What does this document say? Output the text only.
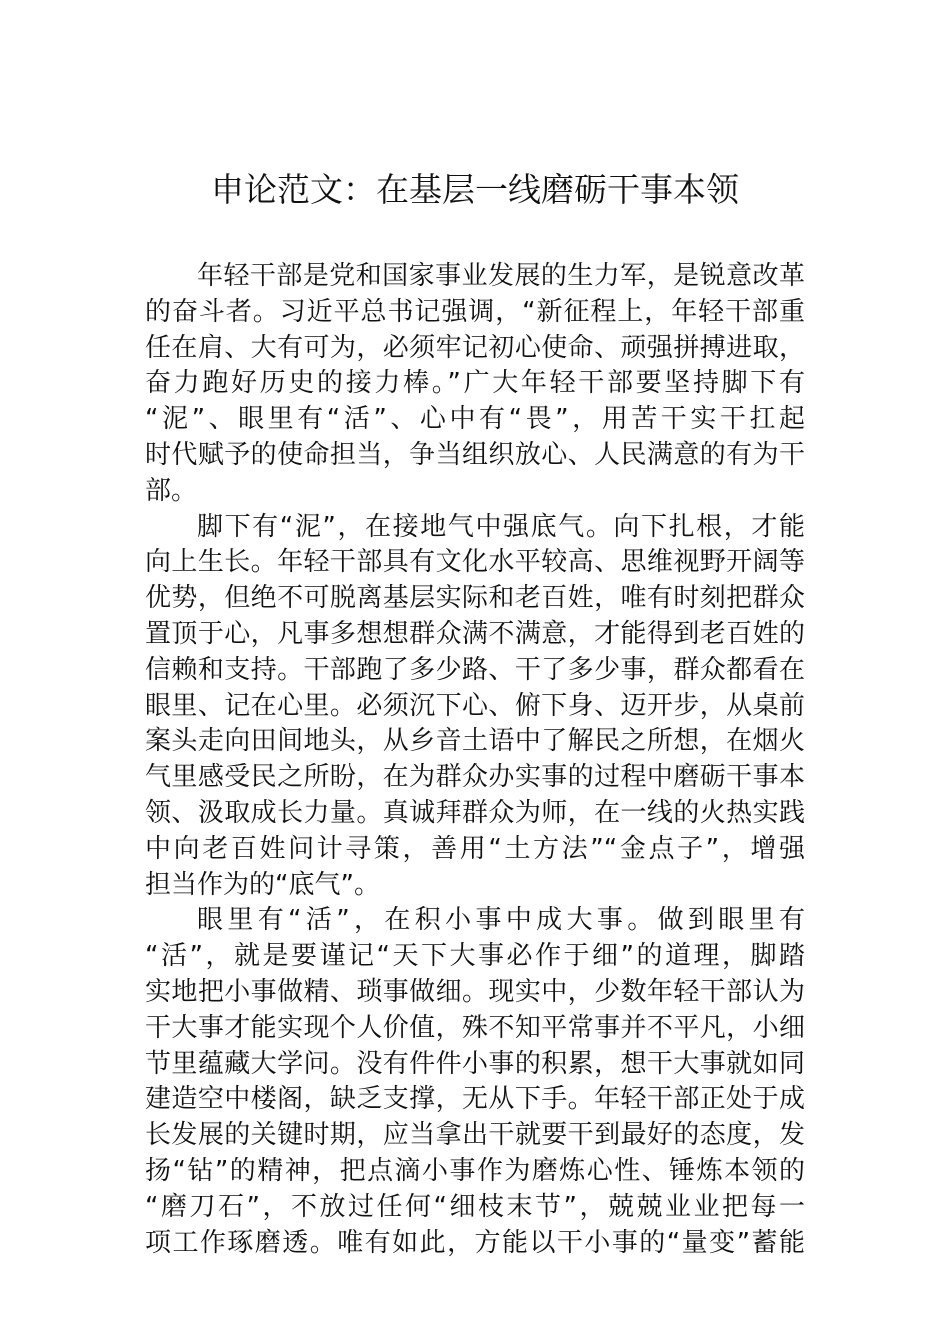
申论范文：在基层一线磨砺干事本领
年轻干部是党和国家事业发展的生力军，是锐意改革
的奋斗者。习近平总书记强调，“新征程上，年轻干部重
任在肩、大有可为，必须牢记初心使命、顽强拼搏进取，
奋力跑好历史的接力棒。”广大年轻干部要坚持脚下有
“泥”、眼里有“活”、心中有“畏”，用苦干实干扛起
时代赋予的使命担当，争当组织放心、人民满意的有为干
部。
脚下有“泥”，在接地气中强底气。向下扎根，才能
向上生长。年轻干部具有文化水平较高、思维视野开阔等
优势，但绝不可脱离基层实际和老百姓，唯有时刻把群众
置顶于心，凡事多想想群众满不满意，才能得到老百姓的
信赖和支持。干部跑了多少路、干了多少事，群众都看在
眼里、记在心里。必须沉下心、俯下身、迈开步，从桌前
案头走向田间地头，从乡音土语中了解民之所想，在烟火
气里感受民之所盼，在为群众办实事的过程中磨砺干事本
领、汲取成长力量。真诚拜群众为师，在一线的火热实践
中向老百姓问计寻策，善用“土方法”“金点子”，增强
担当作为的“底气”。
眼里有“活”，在积小事中成大事。做到眼里有
“活”，就是要谨记“天下大事必作于细”的道理，脚踏
实地把小事做精、琐事做细。现实中，少数年轻干部认为
干大事才能实现个人价值，殊不知平常事并不平凡，小细
节里蕴藏大学问。没有件件小事的积累，想干大事就如同
建造空中楼阁，缺乏支撑，无从下手。年轻干部正处于成
长发展的关键时期，应当拿出干就要干到最好的态度，发
扬“钻”的精神，把点滴小事作为磨炼心性、锤炼本领的
“磨刀石”，不放过任何“细枝末节”，兢兢业业把每一
项工作琢磨透。唯有如此，方能以干小事的“量变”蓄能
